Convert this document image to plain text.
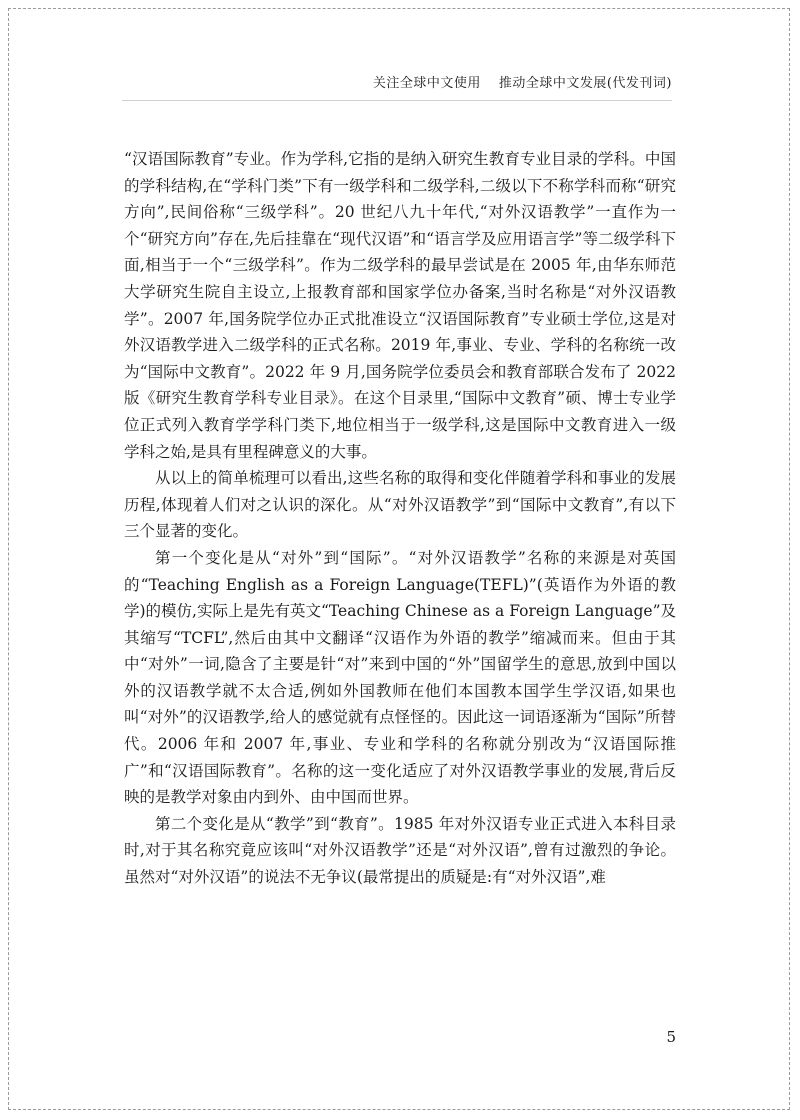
关注全球中文使用 推动全球中文发展(代发刊词)

“汉语国际教育”专业。作为学科,它指的是纳入研究生教育专业目录的学科。中国的学科结构,在“学科门类”下有一级学科和二级学科,二级以下不称学科而称“研究方向”,民间俗称“三级学科”。20 世纪八九十年代,“对外汉语教学”一直作为一个“研究方向”存在,先后挂靠在“现代汉语”和“语言学及应用语言学”等二级学科下面,相当于一个“三级学科”。作为二级学科的最早尝试是在 2005 年,由华东师范大学研究生院自主设立,上报教育部和国家学位办备案,当时名称是“对外汉语教学”。2007 年,国务院学位办正式批准设立“汉语国际教育”专业硕士学位,这是对外汉语教学进入二级学科的正式名称。2019 年,事业、专业、学科的名称统一改为“国际中文教育”。2022 年 9 月,国务院学位委员会和教育部联合发布了 2022 版《研究生教育学科专业目录》。在这个目录里,“国际中文教育”硕、博士专业学位正式列入教育学学科门类下,地位相当于一级学科,这是国际中文教育进入一级学科之始,是具有里程碑意义的大事。

从以上的简单梳理可以看出,这些名称的取得和变化伴随着学科和事业的发展历程,体现着人们对之认识的深化。从“对外汉语教学”到“国际中文教育”,有以下三个显著的变化。

第一个变化是从“对外”到“国际”。“对外汉语教学”名称的来源是对英国的“Teaching English as a Foreign Language(TEFL)”(英语作为外语的教学)的模仿,实际上是先有英文“Teaching Chinese as a Foreign Language”及其缩写“TCFL”,然后由其中文翻译“汉语作为外语的教学”缩减而来。但由于其中“对外”一词,隐含了主要是针“对”来到中国的“外”国留学生的意思,放到中国以外的汉语教学就不太合适,例如外国教师在他们本国教本国学生学汉语,如果也叫“对外”的汉语教学,给人的感觉就有点怪怪的。因此这一词语逐渐为“国际”所替代。2006 年和 2007 年,事业、专业和学科的名称就分别改为“汉语国际推广”和“汉语国际教育”。名称的这一变化适应了对外汉语教学事业的发展,背后反映的是教学对象由内到外、由中国而世界。

第二个变化是从“教学”到“教育”。1985 年对外汉语专业正式进入本科目录时,对于其名称究竟应该叫“对外汉语教学”还是“对外汉语”,曾有过激烈的争论。虽然对“对外汉语”的说法不无争议(最常提出的质疑是:有“对外汉语”,难

5
